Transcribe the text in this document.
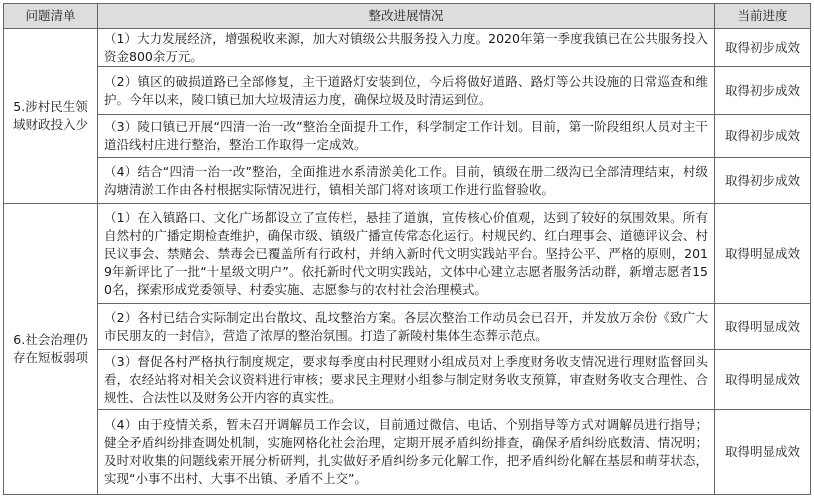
问题清单	整改进展情况	当前进度
5.涉村民生领域财政投入少	（1）大力发展经济，增强税收来源，加大对镇级公共服务投入力度。2020年第一季度我镇已在公共服务投入资金800余万元。	取得初步成效
	（2）镇区的破损道路已全部修复，主干道路灯安装到位，今后将做好道路、路灯等公共设施的日常巡查和维护。今年以来，陵口镇已加大垃圾清运力度，确保垃圾及时清运到位。	取得初步成效
	（3）陵口镇已开展“四清一治一改”整治全面提升工作，科学制定工作计划。目前，第一阶段组织人员对主干道沿线村庄进行整治，整治工作取得一定成效。	取得初步成效
	（4）结合“四清一治一改”整治，全面推进水系清淤美化工作。目前，镇级在册二级沟已全部清理结束，村级沟塘清淤工作由各村根据实际情况进行，镇相关部门将对该项工作进行监督验收。	取得初步成效
6.社会治理仍存在短板弱项	（1）在入镇路口、文化广场都设立了宣传栏，悬挂了道旗，宣传核心价值观，达到了较好的氛围效果。所有自然村的广播定期检查维护，确保市级、镇级广播宣传常态化运行。村规民约、红白理事会、道德评议会、村民议事会、禁赌会、禁毒会已覆盖所有行政村，并纳入新时代文明实践站平台。坚持公平、严格的原则，2019年新评比了一批“十星级文明户”。依托新时代文明实践站，文体中心建立志愿者服务活动群，新增志愿者150名，探索形成党委领导、村委实施、志愿参与的农村社会治理模式。	取得明显成效
	（2）各村已结合实际制定出台散坟、乱坟整治方案。各层次整治工作动员会已召开，并发放万余份《致广大市民朋友的一封信》，营造了浓厚的整治氛围。打造了新陵村集体生态葬示范点。	取得明显成效
	（3）督促各村严格执行制度规定，要求每季度由村民理财小组成员对上季度财务收支情况进行理财监督回头看，农经站将对相关会议资料进行审核；要求民主理财小组参与制定财务收支预算，审查财务收支合理性、合规性、合法性以及财务公开内容的真实性。	取得明显成效
	（4）由于疫情关系，暂未召开调解员工作会议，目前通过微信、电话、个别指导等方式对调解员进行指导；健全矛盾纠纷排查调处机制，实施网格化社会治理，定期开展矛盾纠纷排查，确保矛盾纠纷底数清、情况明；及时对收集的问题线索开展分析研判，扎实做好矛盾纠纷多元化解工作，把矛盾纠纷化解在基层和萌芽状态，实现“小事不出村、大事不出镇、矛盾不上交”。	取得明显成效
